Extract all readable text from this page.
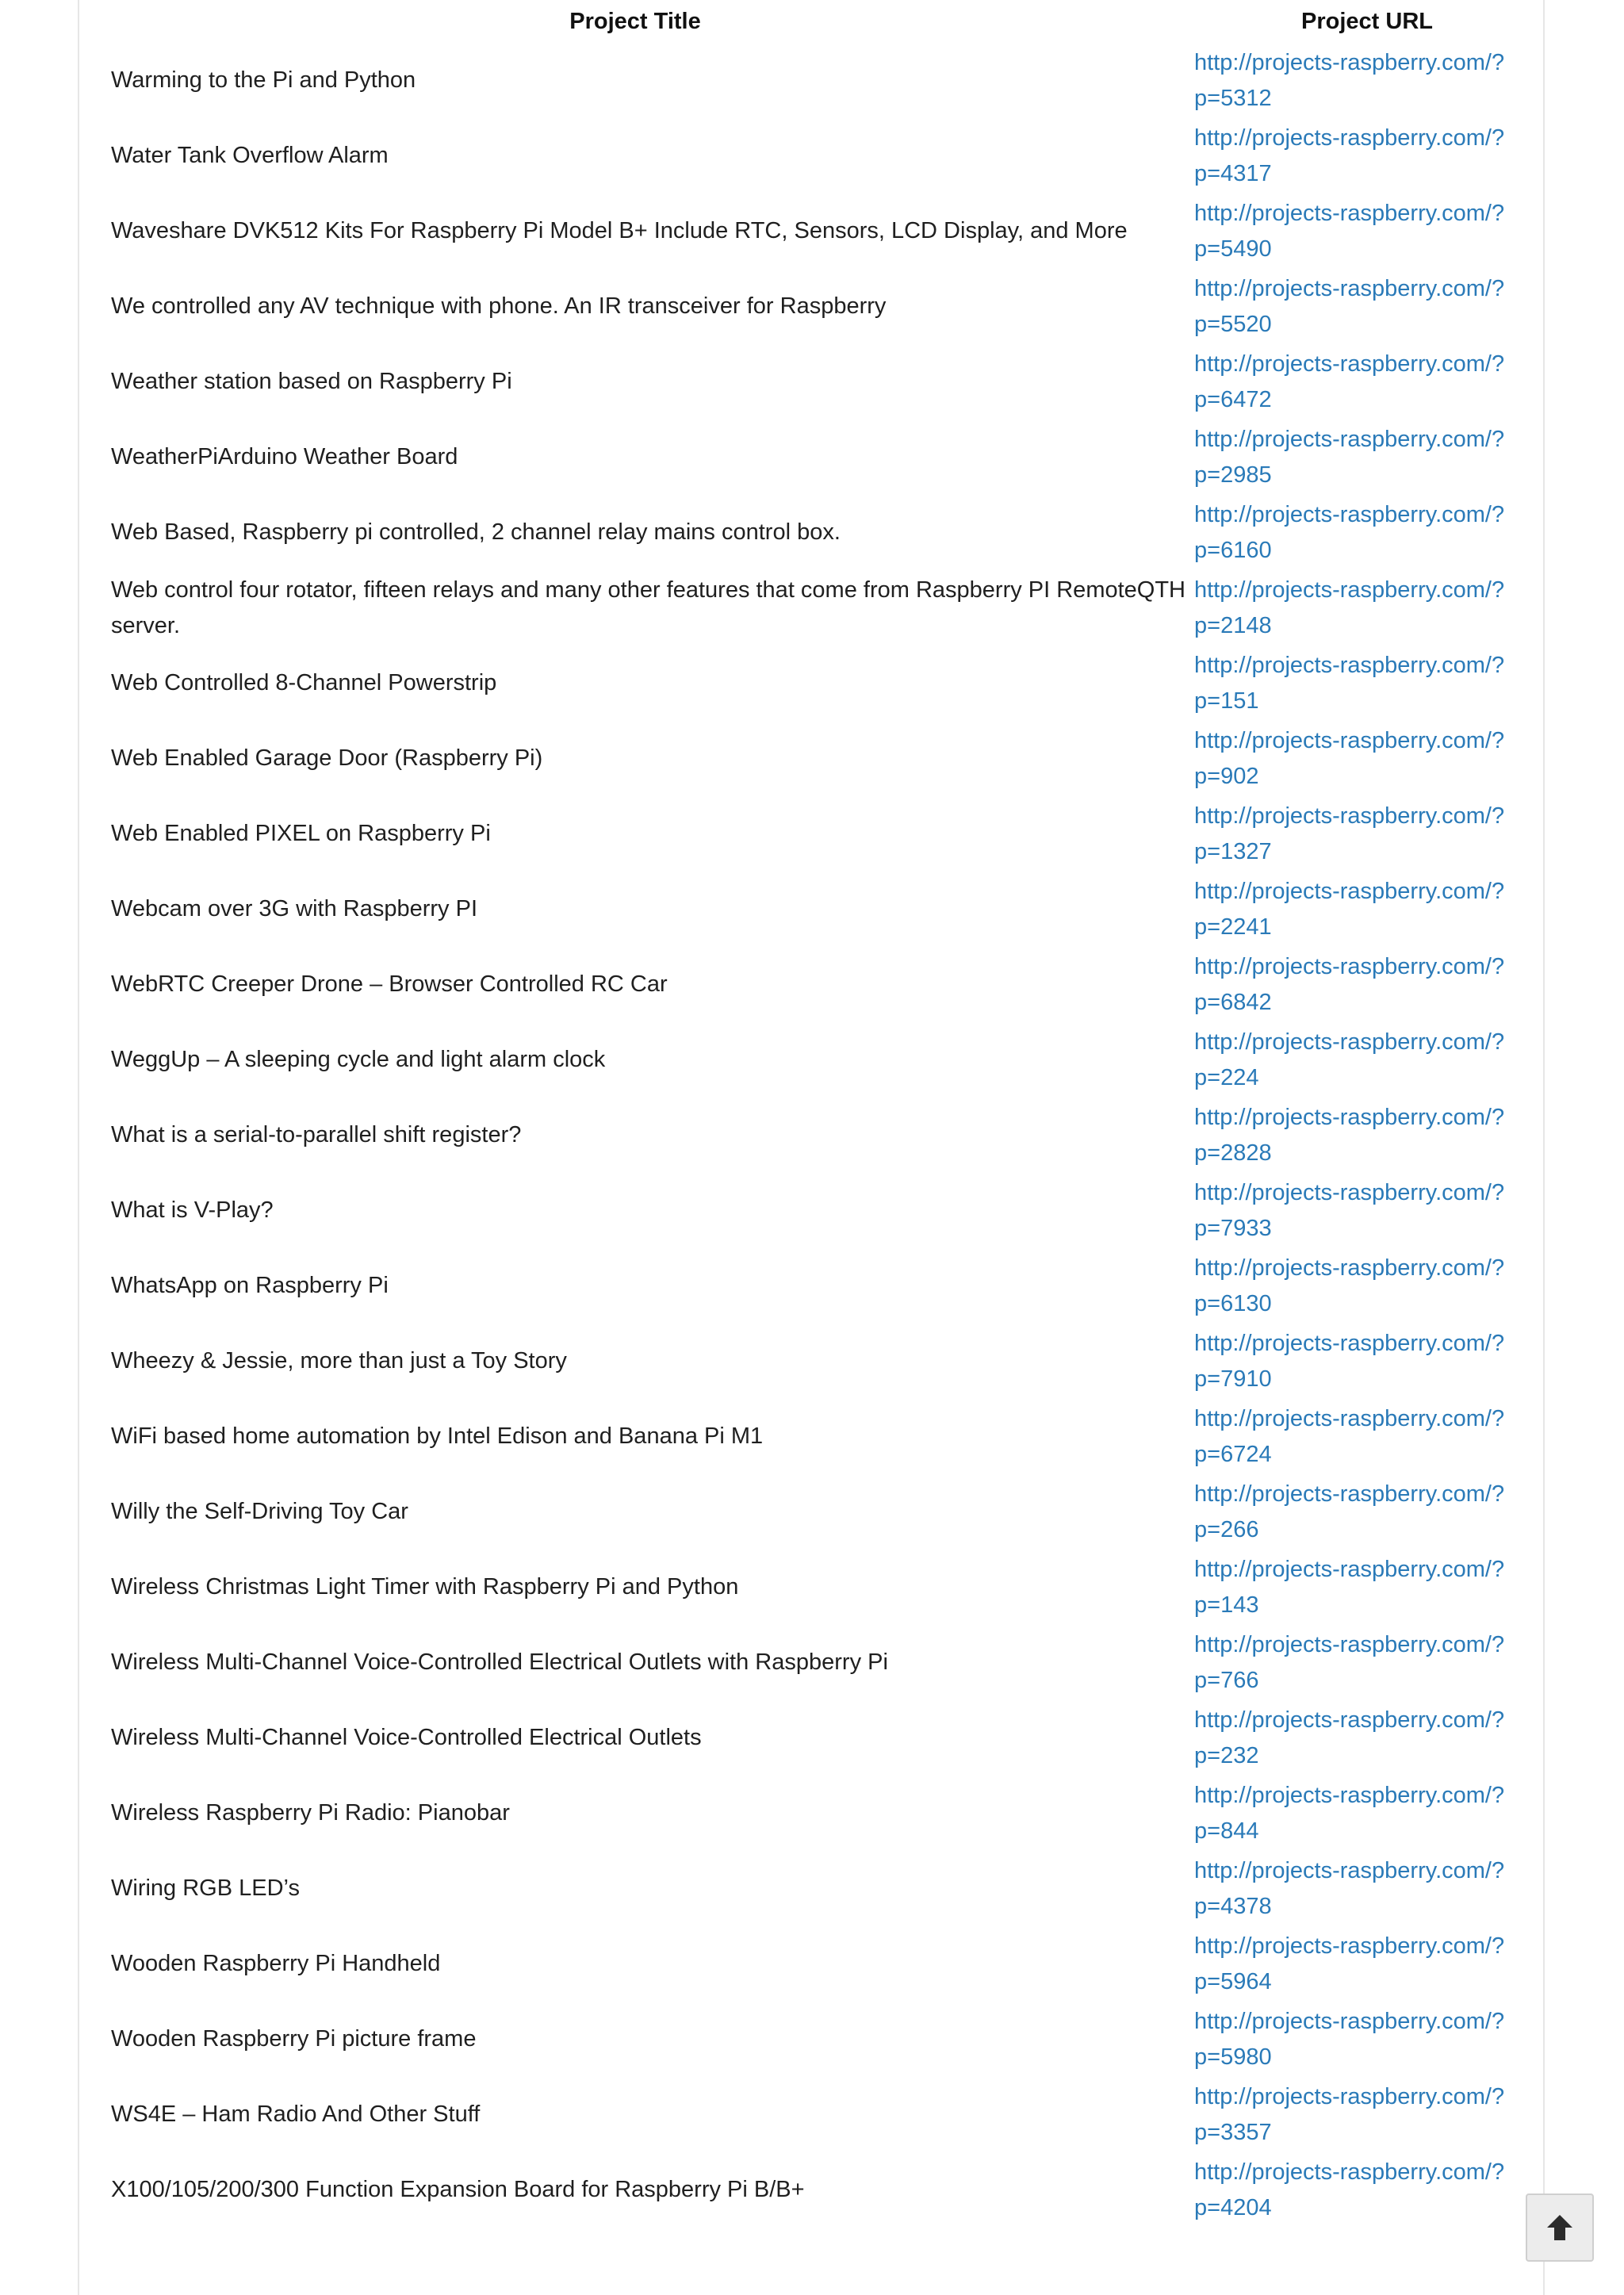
Project Title	Project URL
Warming to the Pi and Python	http://projects-raspberry.com/?p=5312

Water Tank Overflow Alarm	http://projects-raspberry.com/?p=4317

Waveshare DVK512 Kits For Raspberry Pi Model B+ Include RTC, Sensors, LCD Display, and More	http://projects-raspberry.com/?p=5490

We controlled any AV technique with phone. An IR transceiver for Raspberry	http://projects-raspberry.com/?p=5520

Weather station based on Raspberry Pi	http://projects-raspberry.com/?p=6472

WeatherPiArduino Weather Board	http://projects-raspberry.com/?p=2985

Web Based, Raspberry pi controlled, 2 channel relay mains control box.	http://projects-raspberry.com/?p=6160

Web control four rotator, fifteen relays and many other features that come from Raspberry PI RemoteQTH server.	http://projects-raspberry.com/?p=2148

Web Controlled 8-Channel Powerstrip	http://projects-raspberry.com/?p=151

Web Enabled Garage Door (Raspberry Pi)	http://projects-raspberry.com/?p=902

Web Enabled PIXEL on Raspberry Pi	http://projects-raspberry.com/?p=1327

Webcam over 3G with Raspberry PI	http://projects-raspberry.com/?p=2241

WebRTC Creeper Drone – Browser Controlled RC Car	http://projects-raspberry.com/?p=6842

WeggUp – A sleeping cycle and light alarm clock	http://projects-raspberry.com/?p=224

What is a serial-to-parallel shift register?	http://projects-raspberry.com/?p=2828

What is V-Play?	http://projects-raspberry.com/?p=7933

WhatsApp on Raspberry Pi	http://projects-raspberry.com/?p=6130

Wheezy & Jessie, more than just a Toy Story	http://projects-raspberry.com/?p=7910

WiFi based home automation by Intel Edison and Banana Pi M1	http://projects-raspberry.com/?p=6724

Willy the Self-Driving Toy Car	http://projects-raspberry.com/?p=266

Wireless Christmas Light Timer with Raspberry Pi and Python	http://projects-raspberry.com/?p=143

Wireless Multi-Channel Voice-Controlled Electrical Outlets with Raspberry Pi	http://projects-raspberry.com/?p=766

Wireless Multi-Channel Voice-Controlled Electrical Outlets	http://projects-raspberry.com/?p=232

Wireless Raspberry Pi Radio: Pianobar	http://projects-raspberry.com/?p=844

Wiring RGB LED’s	http://projects-raspberry.com/?p=4378

Wooden Raspberry Pi Handheld	http://projects-raspberry.com/?p=5964

Wooden Raspberry Pi picture frame	http://projects-raspberry.com/?p=5980

WS4E – Ham Radio And Other Stuff	http://projects-raspberry.com/?p=3357

X100/105/200/300 Function Expansion Board for Raspberry Pi B/B+	http://projects-raspberry.com/?p=4204
